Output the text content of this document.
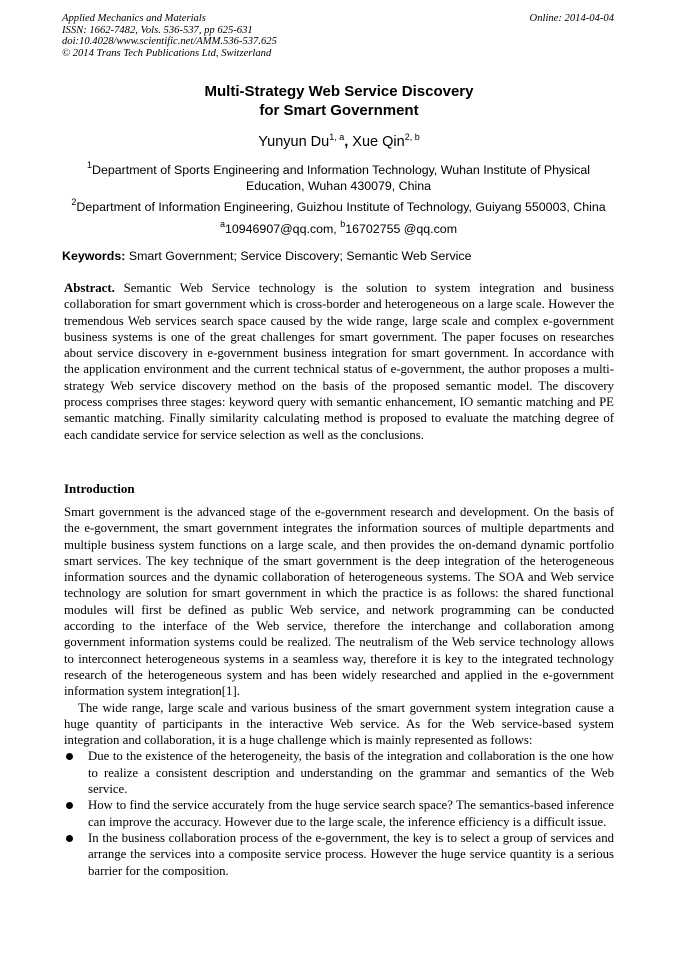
Applied Mechanics and Materials
ISSN: 1662-7482, Vols. 536-537, pp 625-631
doi:10.4028/www.scientific.net/AMM.536-537.625
© 2014 Trans Tech Publications Ltd, Switzerland
Online: 2014-04-04
Multi-Strategy Web Service Discovery
for Smart Government
Yunyun Du$^{1, a}$, Xue Qin$^{2, b}$
$^1$Department of Sports Engineering and Information Technology, Wuhan Institute of Physical Education, Wuhan 430079, China
$^2$Department of Information Engineering, Guizhou Institute of Technology, Guiyang 550003, China
$^a$10946907@qq.com, $^b$16702755 @qq.com
Keywords: Smart Government; Service Discovery; Semantic Web Service

Abstract. Semantic Web Service technology is the solution to system integration and business collaboration for smart government which is cross-border and heterogeneous on a large scale. However the tremendous Web services search space caused by the wide range, large scale and complex e-government business systems is one of the great challenges for smart government. The paper focuses on researches about service discovery in e-government business integration for smart government. In accordance with the application environment and the current technical status of e-government, the author proposes a multi-strategy Web service discovery method on the basis of the proposed semantic model. The discovery process comprises three stages: keyword query with semantic enhancement, IO semantic matching and PE semantic matching. Finally similarity calculating method is proposed to evaluate the matching degree of each candidate service for service selection as well as the conclusions.

Introduction

Smart government is the advanced stage of the e-government research and development. On the basis of the e-government, the smart government integrates the information sources of multiple departments and multiple business system functions on a large scale, and then provides the on-demand dynamic portfolio smart services. The key technique of the smart government is the deep integration of the heterogeneous information sources and the dynamic collaboration of heterogeneous systems. The SOA and Web service technology are solution for smart government in which the practice is as follows: the shared functional modules will first be defined as public Web service, and network programming can be conducted according to the interface of the Web service, therefore the interchange and collaboration among government information systems could be realized. The neutralism of the Web service technology allows to interconnect heterogeneous systems in a seamless way, therefore it is key to the integrated technology research of the heterogeneous system and has been widely researched and applied in the e-government information system integration[1].

The wide range, large scale and various business of the smart government system integration cause a huge quantity of participants in the interactive Web service. As for the Web service-based system integration and collaboration, it is a huge challenge which is mainly represented as follows:

Due to the existence of the heterogeneity, the basis of the integration and collaboration is the one how to realize a consistent description and understanding on the grammar and semantics of the Web service.
How to find the service accurately from the huge service search space? The semantics-based inference can improve the accuracy. However due to the large scale, the inference efficiency is a difficult issue.
In the business collaboration process of the e-government, the key is to select a group of services and arrange the services into a composite service process. However the huge service quantity is a serious barrier for the composition.
